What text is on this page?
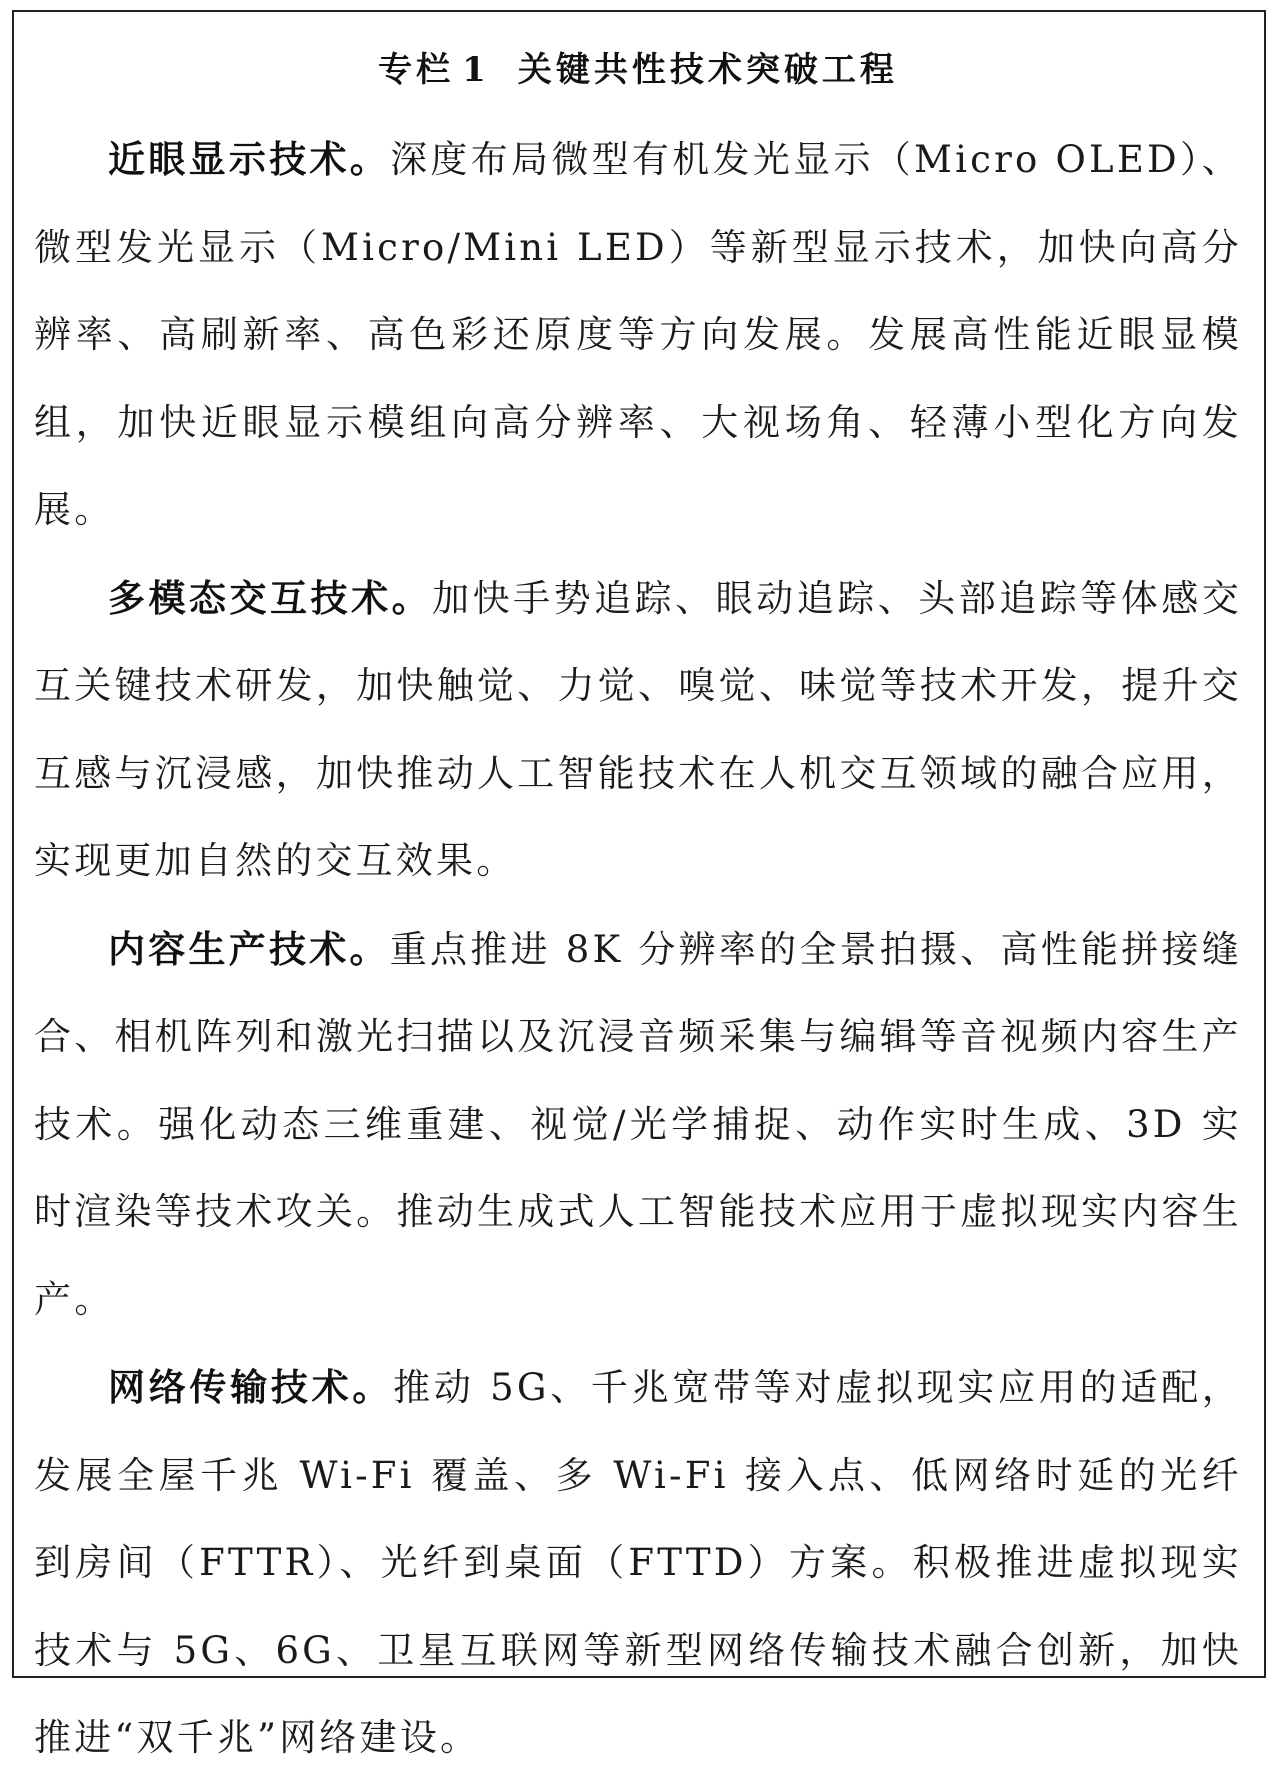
专栏 1 关键共性技术突破工程

近眼显示技术。深度布局微型有机发光显示（Micro OLED）、微型发光显示（Micro/Mini LED）等新型显示技术，加快向高分辨率、高刷新率、高色彩还原度等方向发展。发展高性能近眼显模组，加快近眼显示模组向高分辨率、大视场角、轻薄小型化方向发展。

多模态交互技术。加快手势追踪、眼动追踪、头部追踪等体感交互关键技术研发，加快触觉、力觉、嗅觉、味觉等技术开发，提升交互感与沉浸感，加快推动人工智能技术在人机交互领域的融合应用，实现更加自然的交互效果。

内容生产技术。重点推进 8K 分辨率的全景拍摄、高性能拼接缝合、相机阵列和激光扫描以及沉浸音频采集与编辑等音视频内容生产技术。强化动态三维重建、视觉/光学捕捉、动作实时生成、3D 实时渲染等技术攻关。推动生成式人工智能技术应用于虚拟现实内容生产。

网络传输技术。推动 5G、千兆宽带等对虚拟现实应用的适配，发展全屋千兆 Wi-Fi 覆盖、多 Wi-Fi 接入点、低网络时延的光纤到房间（FTTR）、光纤到桌面（FTTD）方案。积极推进虚拟现实技术与 5G、6G、卫星互联网等新型网络传输技术融合创新，加快推进“双千兆”网络建设。
